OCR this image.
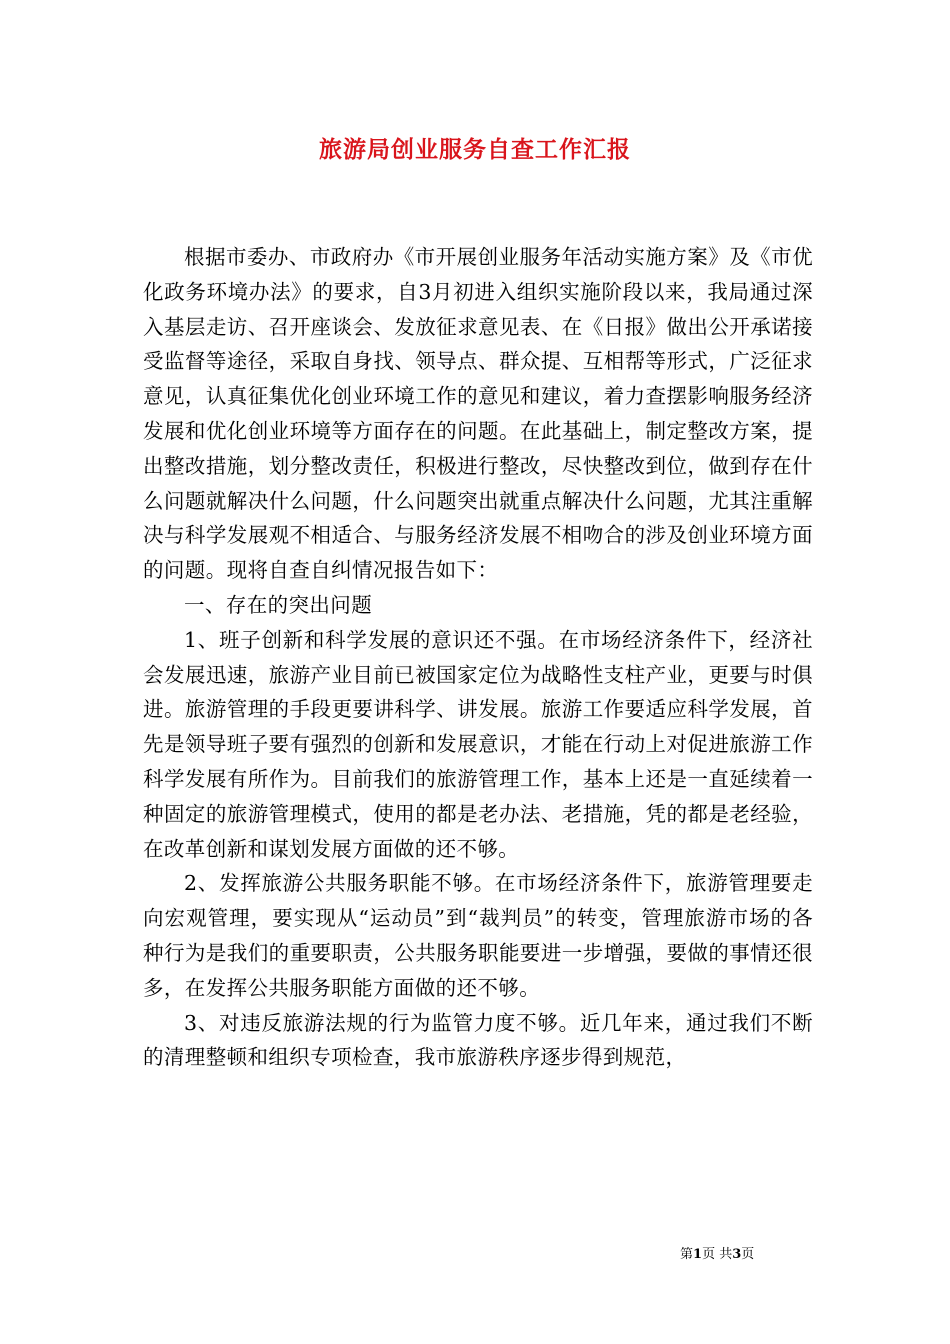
旅游局创业服务自查工作汇报

根据市委办、市政府办《市开展创业服务年活动实施方案》及《市优化政务环境办法》的要求，自3月初进入组织实施阶段以来，我局通过深入基层走访、召开座谈会、发放征求意见表、在《日报》做出公开承诺接受监督等途径，采取自身找、领导点、群众提、互相帮等形式，广泛征求意见，认真征集优化创业环境工作的意见和建议，着力查摆影响服务经济发展和优化创业环境等方面存在的问题。在此基础上，制定整改方案，提出整改措施，划分整改责任，积极进行整改，尽快整改到位，做到存在什么问题就解决什么问题，什么问题突出就重点解决什么问题，尤其注重解决与科学发展观不相适合、与服务经济发展不相吻合的涉及创业环境方面的问题。现将自查自纠情况报告如下：

一、存在的突出问题

1、班子创新和科学发展的意识还不强。在市场经济条件下，经济社会发展迅速，旅游产业目前已被国家定位为战略性支柱产业，更要与时俱进。旅游管理的手段更要讲科学、讲发展。旅游工作要适应科学发展，首先是领导班子要有强烈的创新和发展意识，才能在行动上对促进旅游工作科学发展有所作为。目前我们的旅游管理工作，基本上还是一直延续着一种固定的旅游管理模式，使用的都是老办法、老措施，凭的都是老经验，在改革创新和谋划发展方面做的还不够。

2、发挥旅游公共服务职能不够。在市场经济条件下，旅游管理要走向宏观管理，要实现从“运动员”到“裁判员”的转变，管理旅游市场的各种行为是我们的重要职责，公共服务职能要进一步增强，要做的事情还很多，在发挥公共服务职能方面做的还不够。

3、对违反旅游法规的行为监管力度不够。近几年来，通过我们不断的清理整顿和组织专项检查，我市旅游秩序逐步得到规范，

第1页 共3页
